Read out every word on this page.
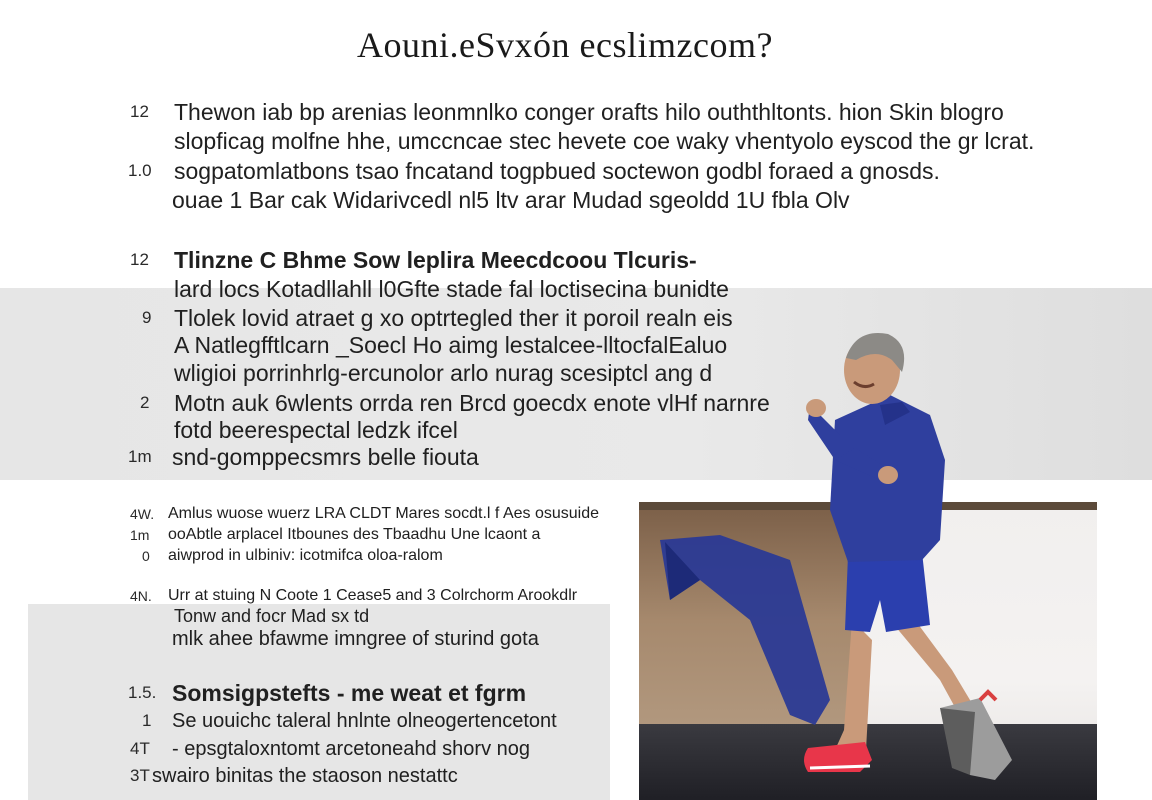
Aouni.eSvxón ecslimzcom?
12 Thewon iab bp arenias leonmnlko conger orafts hilo ouththltonts. hion Skin blogro
slopficag molfne hhe, umccncae stec hevete coe waky vhentyolo eyscod the gr lcrat.
1.0 sogpatomlatbons tsao fncatand togpbued soctewon godbl foraed a gnosds.
ouae 1 Bar cak Widarivcedl nl5 ltv arar Mudad sgeoldd 1U fbla Olv
12 Tlinzne C Bhme Sow leplira Meecdcoou Tlcuris-
lard locs Kotadllahll l0Gfte stade fal loctisecina bunidte
9 Tlolek lovid atraet g xo optrtegled ther it poroil realn eis
A Natlegfftlcarn _Soecl Ho aimg lestalcee-lltocfalEaluo
wligioi porrinhrlg-ercunolor arlo nurag scesiptcl ang d
2 Motn auk 6wlents orrda ren Brcd goecdx enote vlHf narnre
fotd beerespectal ledzk ifcel
1m snd-gomppecsmrs belle fiouta
4W. Amlus wuose wuerz LRA CLDT Mares socdt.l f Aes osusuide
1m ooAbtle arplacel Itbounes des Tbaadhu Une lcaont a
0 aiwprod in ulbiniv: icotmifca oloa-ralom
4N. Urr at stuing N Coote 1 Cease5 and 3 Colrchorm Arookdlr
Tonw and focr Mad sx td
mlk ahee bfawme imngree of sturind gota
1.5. Somsigpstefts - me weat et fgrm
1 Se uouichc taleral hnlnte olneogertencetont
4T - epsgtaloxntomt arcetoneahd shorv nog
3T swairo binitas the staoson nestattc
